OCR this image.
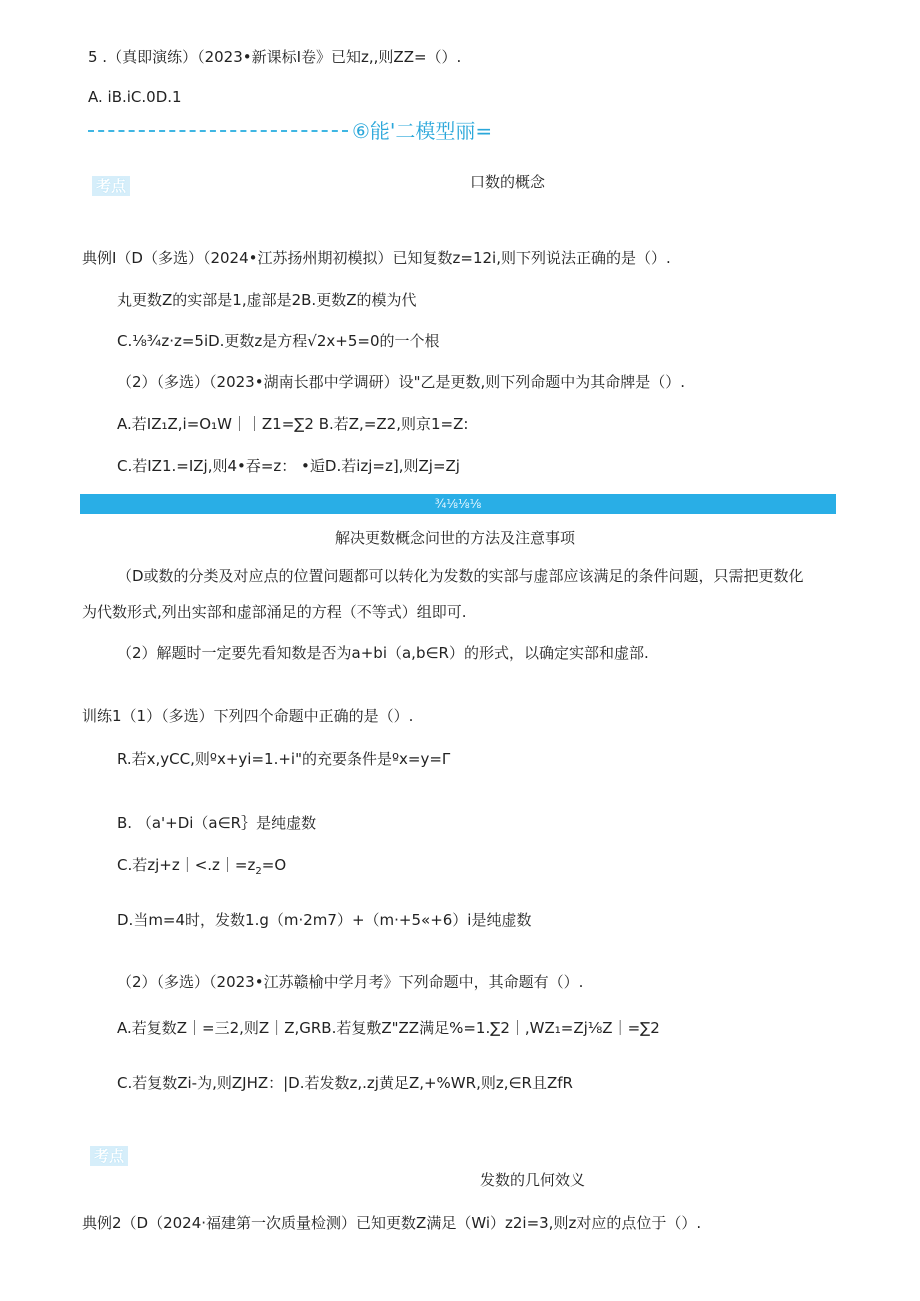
5 .（真即演练）（2023•新课标I卷》已知z,,则ZZ=（）.
A. iB.iC.0D.1
⑥能'二模型丽=
考点	口数的概念
典例I（D（多选）（2024•江苏扬州期初模拟）已知复数z=12i,则下列说法正确的是（）.
丸更数Z的实部是1,虚部是2B.更数Z的模为代
C.⅛¾z·z=5iD.更数z是方程√2x+5=0的一个根
（2）（多选）（2023•湖南长郡中学调研）设"乙是更数,则下列命题中为其命牌是（）.
A.若IZ₁Z,i=O₁W｜｜Z1=∑2 B.若Z,=Z2,则京1=Z:
C.若IZ1.=IZj,则4•吞=z： •逅D.若izj=z],则Zj=Zj
¾⅛⅛⅛
解决更数概念问世的方法及注意事项
（D或数的分类及对应点的位置问题都可以转化为发数的实部与虚部应该满足的条件问题，只需把更数化
为代数形式,列出实部和虚部涌足的方程（不等式）组即可.
（2）解题时一定要先看知数是否为a+bi（a,b∈R）的形式，以确定实部和虚部.
训练1（1）（多选）下列四个命题中正确的是（）.
R.若x,yCC,则ºx+yi=1.+i"的充要条件是ºx=y=Γ
B. （a'+Di（a∈R｝是纯虚数
C.若$zj+z|<.z|=z_2=O$
D.当m=4时，发数1.g（m·2m7）+（m·+5«+6）i是纯虚数
（2）（多选）（2023•江苏赣榆中学月考》下列命题中，其命题有（）.
A.若复数Z｜=三2,则Z｜Z,GRB.若复敷Z"ZZ满足%=1.∑2｜,WZ₁=Zj⅛Z｜=∑2
C.若复数Zi-为,则ZJHZ：|D.若发数z,.zj黄足Z,+%WR,则z,∈R且ZfR
考点
发数的几何效义
典例2（D（2024·福建第一次质量检测）已知更数Z满足（Wi）z2i=3,则z对应的点位于（）.
